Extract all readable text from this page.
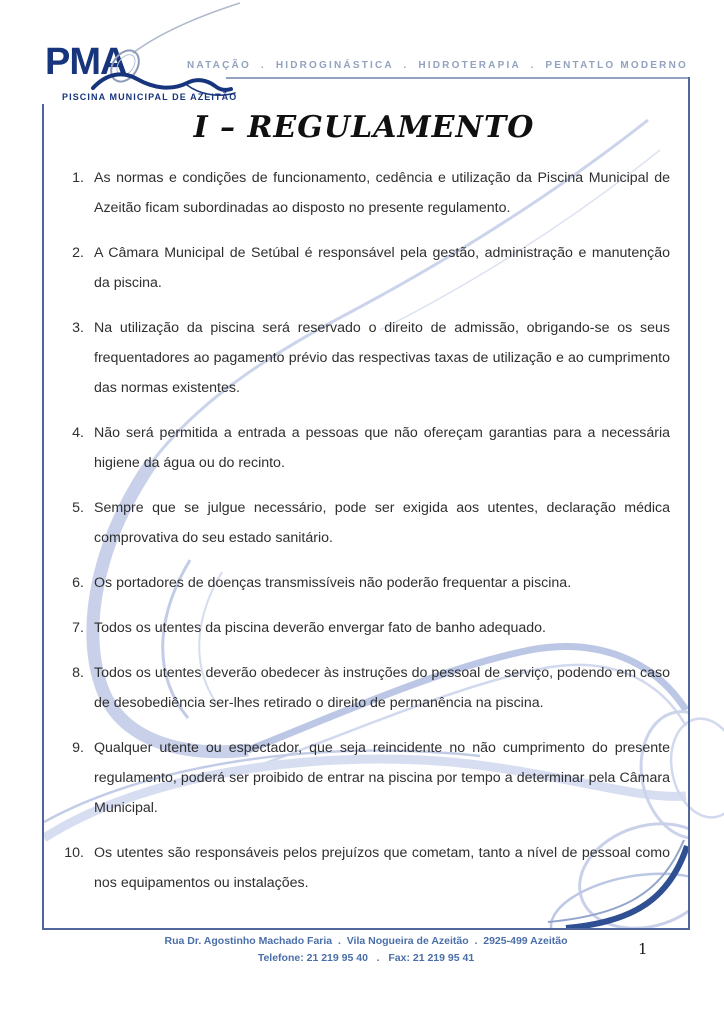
PMA
PISCINA MUNICIPAL DE AZEITÃO
NATAÇÃO  .  HIDROGINÁSTICA  .  HIDROTERAPIA  .  PENTATLO MODERNO
I – REGULAMENTO
1. As normas e condições de funcionamento, cedência e utilização da Piscina Municipal de Azeitão ficam subordinadas ao disposto no presente regulamento.
2. A Câmara Municipal de Setúbal é responsável pela gestão, administração e manutenção da piscina.
3. Na utilização da piscina será reservado o direito de admissão, obrigando-se os seus frequentadores ao pagamento prévio das respectivas taxas de utilização e ao cumprimento das normas existentes.
4. Não será permitida a entrada a pessoas que não ofereçam garantias para a necessária higiene da água ou do recinto.
5. Sempre que se julgue necessário, pode ser exigida aos utentes, declaração médica comprovativa do seu estado sanitário.
6. Os portadores de doenças transmissíveis não poderão frequentar a piscina.
7. Todos os utentes da piscina deverão envergar fato de banho adequado.
8. Todos os utentes deverão obedecer às instruções do pessoal de serviço, podendo em caso de desobediência ser-lhes retirado o direito de permanência na piscina.
9. Qualquer utente ou espectador, que seja reincidente no não cumprimento do presente regulamento, poderá ser proibido de entrar na piscina por tempo a determinar pela Câmara Municipal.
10. Os utentes são responsáveis pelos prejuízos que cometam, tanto a nível de pessoal como nos equipamentos ou instalações.
Rua Dr. Agostinho Machado Faria  .  Vila Nogueira de Azeitão  .  2925-499 Azeitão
Telefone: 21 219 95 40   .   Fax: 21 219 95 41	1
